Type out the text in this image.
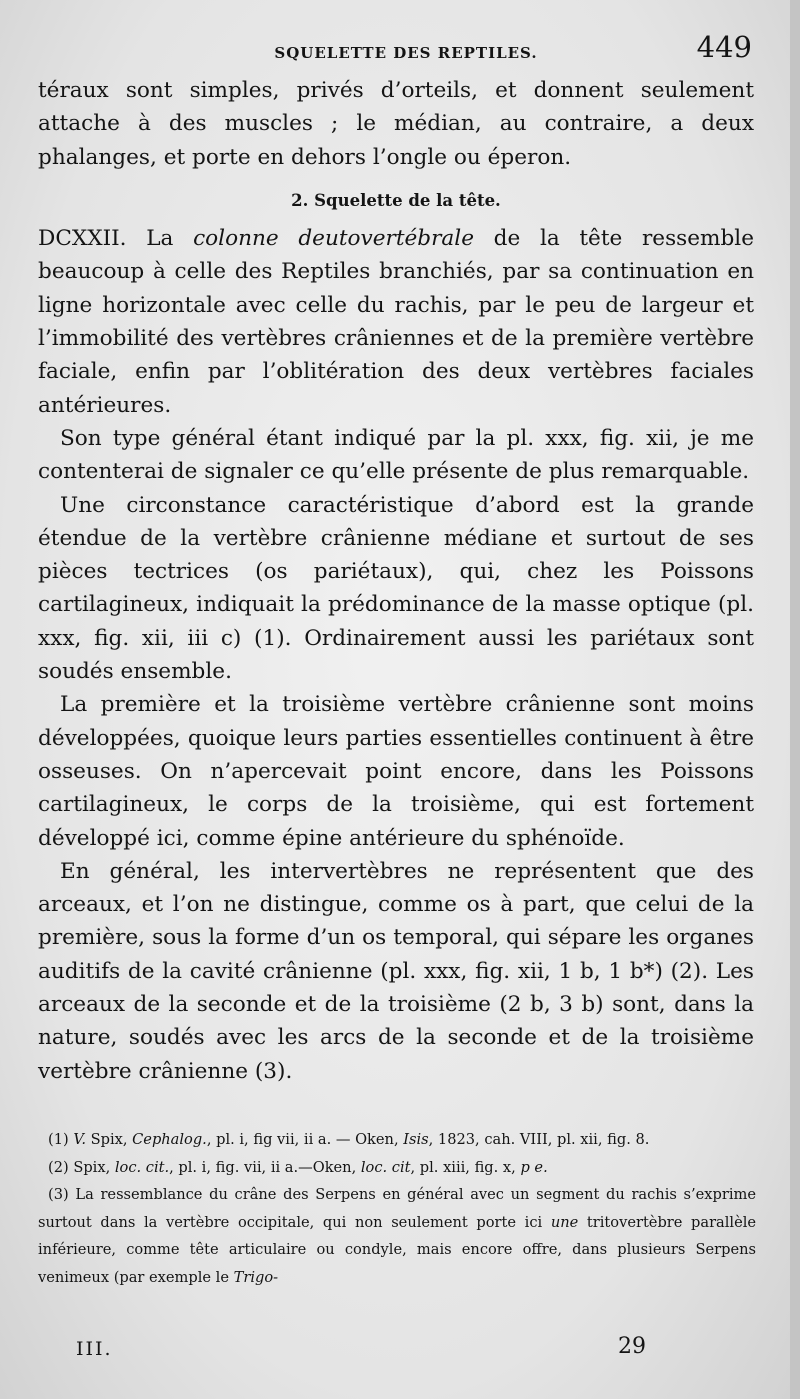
SQUELETTE DES REPTILES.	449

téraux sont simples, privés d’orteils, et donnent seulement attache à des muscles ; le médian, au contraire, a deux phalanges, et porte en dehors l’ongle ou éperon.

2. Squelette de la tête.

DCXXII. La colonne deutovertébrale de la tête ressemble beaucoup à celle des Reptiles branchiés, par sa continuation en ligne horizontale avec celle du rachis, par le peu de largeur et l’immobilité des vertèbres crâniennes et de la première vertèbre faciale, enfin par l’oblitération des deux vertèbres faciales antérieures.

Son type général étant indiqué par la pl. xxx, fig. xii, je me contenterai de signaler ce qu’elle présente de plus remarquable.

Une circonstance caractéristique d’abord est la grande étendue de la vertèbre crânienne médiane et surtout de ses pièces tectrices (os pariétaux), qui, chez les Poissons cartilagineux, indiquait la prédominance de la masse optique (pl. xxx, fig. xii, iii c) (1). Ordinairement aussi les pariétaux sont soudés ensemble.

La première et la troisième vertèbre crânienne sont moins développées, quoique leurs parties essentielles continuent à être osseuses. On n’apercevait point encore, dans les Poissons cartilagineux, le corps de la troisième, qui est fortement développé ici, comme épine antérieure du sphénoïde.

En général, les intervertèbres ne représentent que des arceaux, et l’on ne distingue, comme os à part, que celui de la première, sous la forme d’un os temporal, qui sépare les organes auditifs de la cavité crânienne (pl. xxx, fig. xii, 1 b, 1 b*) (2). Les arceaux de la seconde et de la troisième (2 b, 3 b) sont, dans la nature, soudés avec les arcs de la seconde et de la troisième vertèbre crânienne (3).

(1) V. Spix, Cephalog., pl. i, fig vii, ii a. — Oken, Isis, 1823, cah. VIII, pl. xii, fig. 8.

(2) Spix, loc. cit., pl. i, fig. vii, ii a.—Oken, loc. cit, pl. xiii, fig. x, p e.

(3) La ressemblance du crâne des Serpens en général avec un segment du rachis s’exprime surtout dans la vertèbre occipitale, qui non seulement porte ici une tritovertèbre parallèle inférieure, comme tête articulaire ou condyle, mais encore offre, dans plusieurs Serpens venimeux (par exemple le Trigo-

III.	29
